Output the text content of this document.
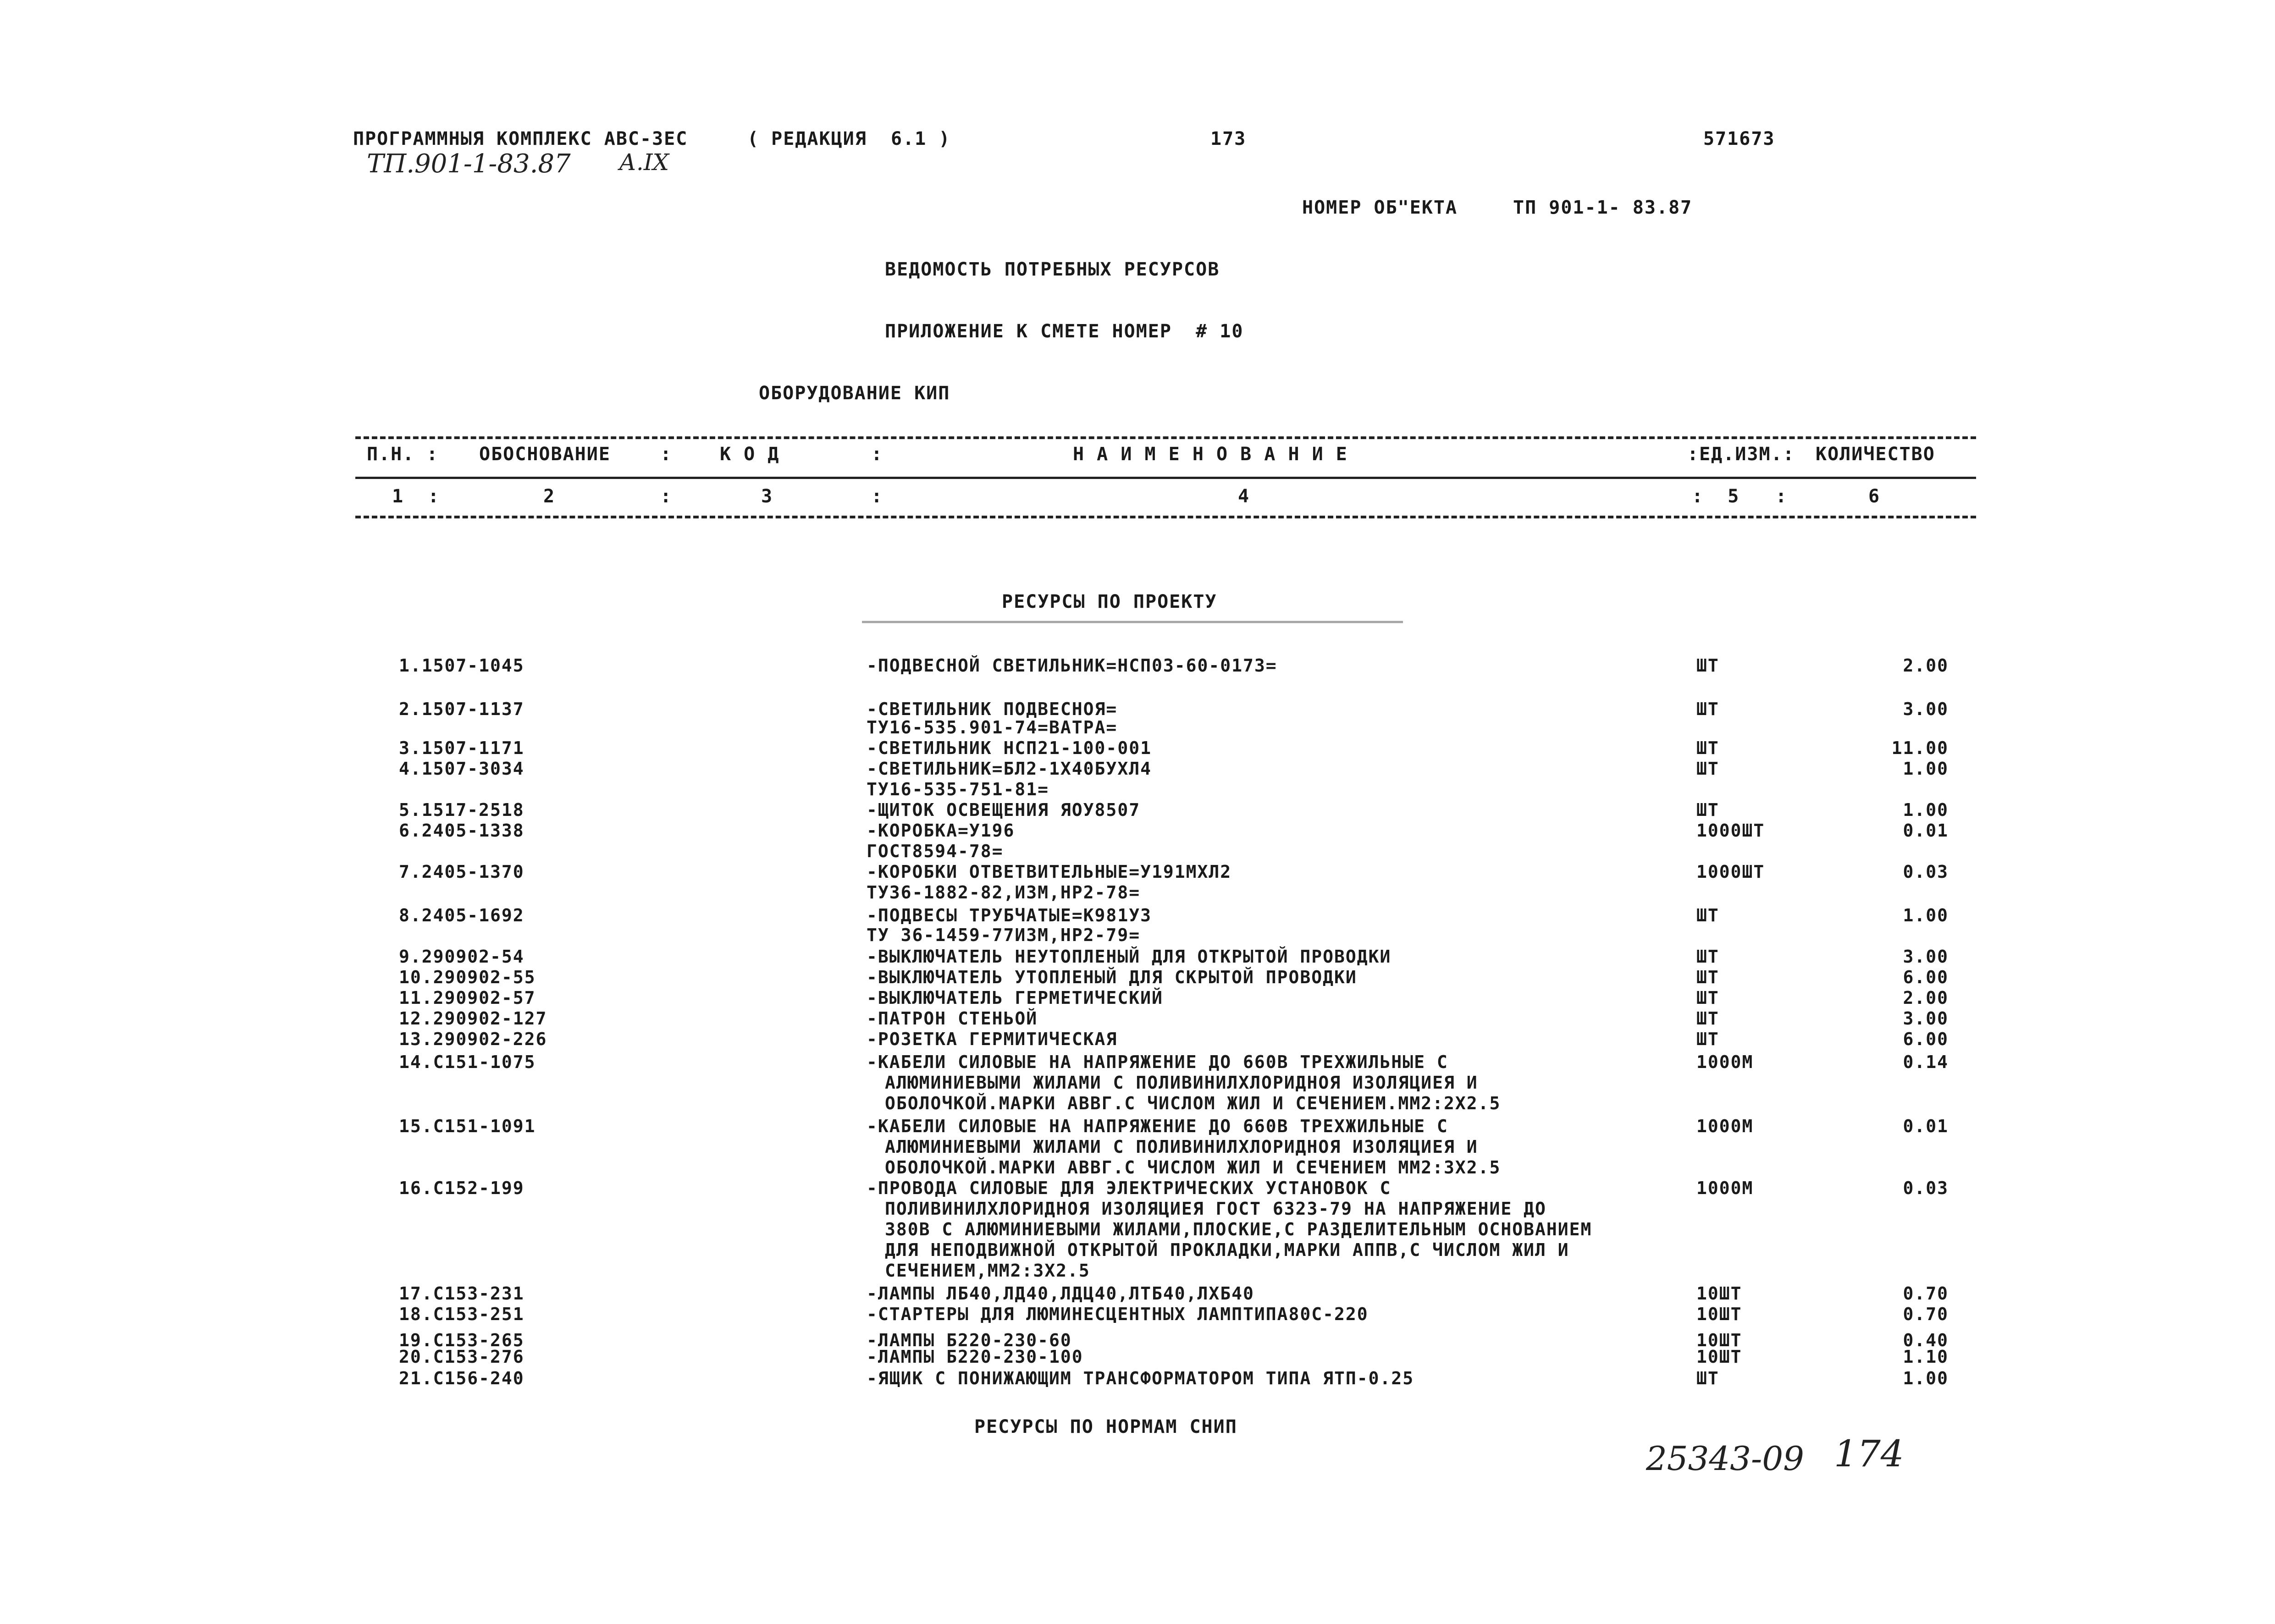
ПРОГРАММНЫЯ КОМПЛЕКС АВС-3ЕС	( РЕДАКЦИЯ  6.1 )	173	571673
ТП.901-1-83.87 А.IX
НОМЕР ОБ"ЕКТА	ТП 901-1- 83.87
ВЕДОМОСТЬ ПОТРЕБНЫХ РЕСУРСОВ
ПРИЛОЖЕНИЕ К СМЕТЕ НОМЕР  # 10
ОБОРУДОВАНИЕ КИП
П.Н. : ОБОСНОВАНИЕ	:	К О Д	:	Н А И М Е Н О В А Н И Е	:ЕД.ИЗМ.: КОЛИЧЕСТВО
1  :	2	:	3	:	4	:  5   :	6
РЕСУРСЫ ПО ПРОЕКТУ
1.1507-1045	-ПОДВЕСНОЙ СВЕТИЛЬНИК=НСП03-60-0173=	ШТ	2.00
2.1507-1137	-СВЕТИЛЬНИК ПОДВЕСНОЯ=
ТУ16-535.901-74=ВАТРА=
ШТ	3.00
3.1507-1171	-СВЕТИЛЬНИК НСП21-100-001	ШТ	11.00
4.1507-3034	-СВЕТИЛЬНИК=БЛ2-1Х40БУХЛ4
ТУ16-535-751-81=
ШТ	1.00
5.1517-2518	-ЩИТОК ОСВЕЩЕНИЯ ЯОУ8507	ШТ	1.00
6.2405-1338	-КОРОБКА=У196
ГОСТ8594-78=
1000ШТ	0.01
7.2405-1370	-КОРОБКИ ОТВЕТВИТЕЛЬНЫЕ=У191МХЛ2
ТУ36-1882-82,ИЗМ,НР2-78=
1000ШТ	0.03
8.2405-1692	-ПОДВЕСЫ ТРУБЧАТЫЕ=К981У3
ТУ 36-1459-77ИЗМ,НР2-79=
ШТ	1.00
9.290902-54	-ВЫКЛЮЧАТЕЛЬ НЕУТОПЛЕНЫЙ ДЛЯ ОТКРЫТОЙ ПРОВОДКИ	ШТ	3.00
10.290902-55	-ВЫКЛЮЧАТЕЛЬ УТОПЛЕНЫЙ ДЛЯ СКРЫТОЙ ПРОВОДКИ	ШТ	6.00
11.290902-57	-ВЫКЛЮЧАТЕЛЬ ГЕРМЕТИЧЕСКИЙ	ШТ	2.00
12.290902-127	-ПАТРОН СТЕНЬОЙ	ШТ	3.00
13.290902-226	-РОЗЕТКА ГЕРМИТИЧЕСКАЯ	ШТ	6.00
14.С151-1075	-КАБЕЛИ СИЛОВЫЕ НА НАПРЯЖЕНИЕ ДО 660В ТРЕХЖИЛЬНЫЕ С
АЛЮМИНИЕВЫМИ ЖИЛАМИ С ПОЛИВИНИЛХЛОРИДНОЯ ИЗОЛЯЦИЕЯ И
ОБОЛОЧКОЙ.МАРКИ АВВГ.С ЧИСЛОМ ЖИЛ И СЕЧЕНИЕМ.ММ2:2Х2.5
1000М	0.14
15.С151-1091	-КАБЕЛИ СИЛОВЫЕ НА НАПРЯЖЕНИЕ ДО 660В ТРЕХЖИЛЬНЫЕ С
АЛЮМИНИЕВЫМИ ЖИЛАМИ С ПОЛИВИНИЛХЛОРИДНОЯ ИЗОЛЯЦИЕЯ И
ОБОЛОЧКОЙ.МАРКИ АВВГ.С ЧИСЛОМ ЖИЛ И СЕЧЕНИЕМ ММ2:3Х2.5
1000М	0.01
16.С152-199	-ПРОВОДА СИЛОВЫЕ ДЛЯ ЭЛЕКТРИЧЕСКИХ УСТАНОВОК С
ПОЛИВИНИЛХЛОРИДНОЯ ИЗОЛЯЦИЕЯ ГОСТ 6323-79 НА НАПРЯЖЕНИЕ ДО
380В С АЛЮМИНИЕВЫМИ ЖИЛАМИ,ПЛОСКИЕ,С РАЗДЕЛИТЕЛЬНЫМ ОСНОВАНИЕМ
ДЛЯ НЕПОДВИЖНОЙ ОТКРЫТОЙ ПРОКЛАДКИ,МАРКИ АППВ,С ЧИСЛОМ ЖИЛ И
СЕЧЕНИЕМ,ММ2:3Х2.5
1000М	0.03
17.С153-231	-ЛАМПЫ ЛБ40,ЛД40,ЛДЦ40,ЛТБ40,ЛХБ40	10ШТ	0.70
18.С153-251	-СТАРТЕРЫ ДЛЯ ЛЮМИНЕСЦЕНТНЫХ ЛАМПТИПА80С-220	10ШТ	0.70
19.С153-265	-ЛАМПЫ Б220-230-60	10ШТ	0.40
20.С153-276	-ЛАМПЫ Б220-230-100	10ШТ	1.10
21.С156-240	-ЯЩИК С ПОНИЖАЮЩИМ ТРАНСФОРМАТОРОМ ТИПА ЯТП-0.25	ШТ	1.00
РЕСУРСЫ ПО НОРМАМ СНИП
25343-09 174
